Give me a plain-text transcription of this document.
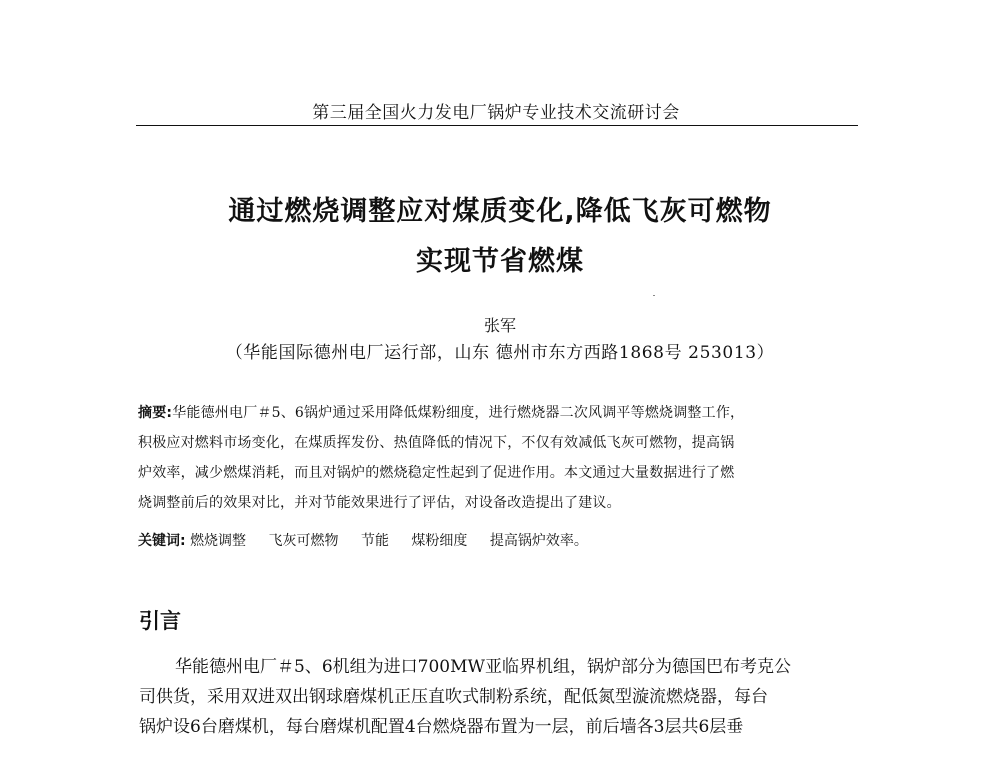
第三届全国火力发电厂锅炉专业技术交流研讨会
通过燃烧调整应对煤质变化,降低飞灰可燃物
实现节省燃煤
张军
（华能国际德州电厂运行部，山东 德州市东方西路1868号 253013）
摘要:华能德州电厂＃5、6锅炉通过采用降低煤粉细度，进行燃烧器二次风调平等燃烧调整工作，
积极应对燃料市场变化，在煤质挥发份、热值降低的情况下，不仅有效减低飞灰可燃物，提高锅
炉效率，减少燃煤消耗，而且对锅炉的燃烧稳定性起到了促进作用。本文通过大量数据进行了燃
烧调整前后的效果对比，并对节能效果进行了评估，对设备改造提出了建议。
关键词: 燃烧调整 飞灰可燃物 节能 煤粉细度 提高锅炉效率。
引言
华能德州电厂＃5、6机组为进口700MW亚临界机组，锅炉部分为德国巴布考克公
司供货，采用双进双出钢球磨煤机正压直吹式制粉系统，配低氮型漩流燃烧器，每台
锅炉设6台磨煤机，每台磨煤机配置4台燃烧器布置为一层，前后墙各3层共6层垂
